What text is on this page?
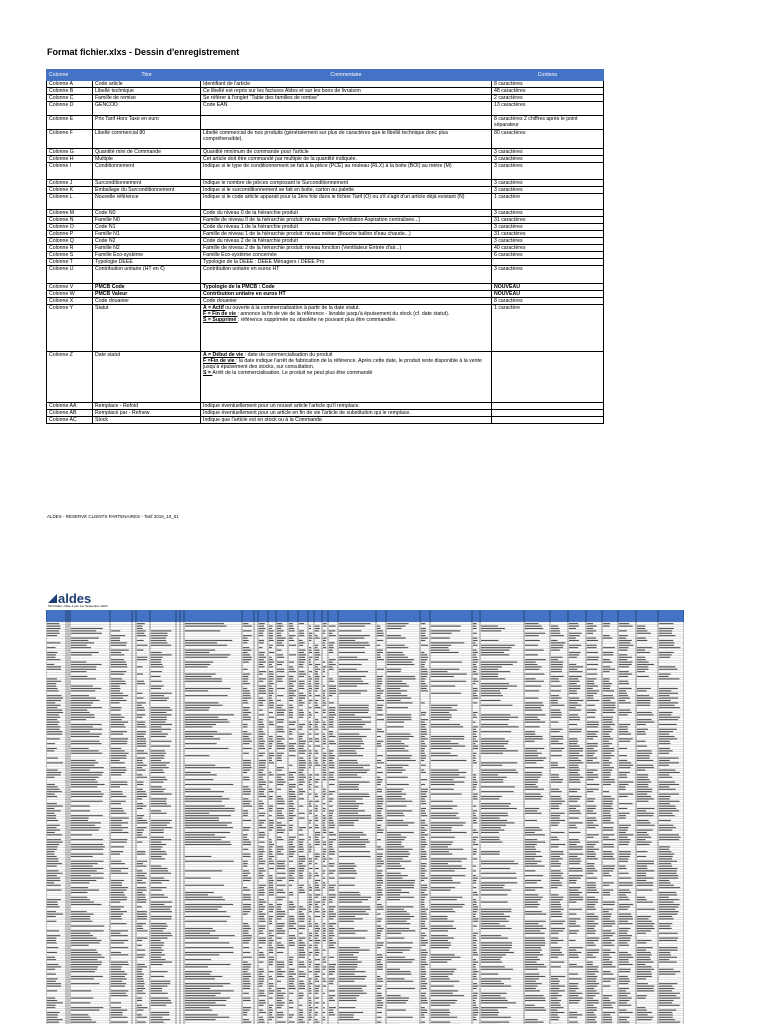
Format fichier.xlxs - Dessin d'enregistrement
Colonne	Titre	Commentaire	Contenu
Colonne A	Code article	Identifiant de l'article	8 caractères
Colonne B	Libellé technique	Ce libellé est repris sur les factures Aldes et sur les bons de livraison	48 caractères
Colonne C	Famille de remise	Se référer à l'onglet "Table des familles de remise"	2 caractères
Colonne D	GENCOD	Code EAN	13 caractères
Colonne E	Prix Tarif Hors Taxe en euro		8 caractères 2 chiffres après le point séparateur
Colonne F	Libellé commercial 80	Libellé commercial de nos produits (généralement sur plus de caractères que le libellé technique donc plus compréhensible).	80 caractères
Colonne G	Quantité mini de Commande	Quantité minimum de commande pour l'article	3 caractères
Colonne H	Multiple	Cet article doit être commandé par multiple de la quantité indiquée.	3 caractères
Colonne I	Conditionnement	Indique si le type de conditionnement se fait à la pièce (PCE) au rouleau (RLX) à la boite (BOI) au mètre (M)	3 caractères
Colonne J	Surconditionnement	Indique le nombre de pièces composant le Surconditionnement	3 caractères
Colonne K	Emballage du Surconditionnement	Indique si le surconditionnement se fait en boite, carton ou palette	3 caractères
Colonne L	Nouvelle référence	Indique si le code article apparait pour la 1ère fois dans le fichier Tarif (O) ou s'il s'agit d'un article déjà existant (N)	1 caractère
Colonne M	Code N0	Code du niveau 0 de la hiérarchie produit	3 caractères
Colonne N	Famille N0	Famille de niveau 0 de la hiérarchie produit: niveau métier (Ventilation Aspiration centralisée...)	31 caractères
Colonne O	Code N1	Code du niveau 1 de la hiérarchie produit	3 caractères
Colonne P	Famille N1	Famille de niveau 1 de la hiérarchie produit: niveau métier (Bouche ballon d'eau chaude...)	31 caractères
Colonne Q	Code N2	Code du niveau 2 de la hiérarchie produit	3 caractères
Colonne R	Famille N2	Famille de niveau 2 de la hiérarchie produit: niveau fonction (Ventilateur Entrée d'air...)	40 caractères
Colonne S	Famille Eco-système	Famille Eco-système concernée	6 caractères
Colonne T	Typologie DEEE	Typologie de la DEEE : DEEE Ménagers / DEEE Pro	
Colonne U	Contribution unitaire (HT en €)	Contribution unitaire en euros HT	3 caractères
Colonne V	PMCB Code	Typologie de la PMCB : Code	NOUVEAU
Colonne W	PMCB Valeur	Contribution unitaire en euros HT	NOUVEAU
Colonne X	Code douanier	Code douanier	8 caractères
Colonne Y	Statut	A = Actif ou ouverte à la commercialisation à partir de la date statut.
F = Fin de vie : annonce la fin de vie de la référence - livrable jusqu'à épuisement du stock (cf. date statut).
S = Supprimé : référence supprimée ou obsolète ne pouvant plus être commandée.	1 caractère
Colonne Z	Date statut	A = Début de vie : date de commercialisation du produit
F =Fin de vie : la date indique l'arrêt de fabrication de la référence. Après cette date, le produit reste disponible à la vente jusqu'à épuisement des stocks, sur consultation.
S = Arrêt de la commercialisation. Le produit ne peut plus être commandé	

Colonne AA	Remplace - Refoid	Indique éventuellement pour un nouvel article l'article qu'il remplace.	
Colonne AB	Remplacé par - Refnew	Indique éventuellement pour un article en fin de vie l'article de substitution qui le remplace.	
Colonne AC	Stock	Indique que l'article est en stock ou à la Commande	
ALDES - RESERVE CLIENTS PARTENAIRES - Tarif 2018_10_01
aldes
Tarif Aldes - Mise à jour 1er Septembre 2020
